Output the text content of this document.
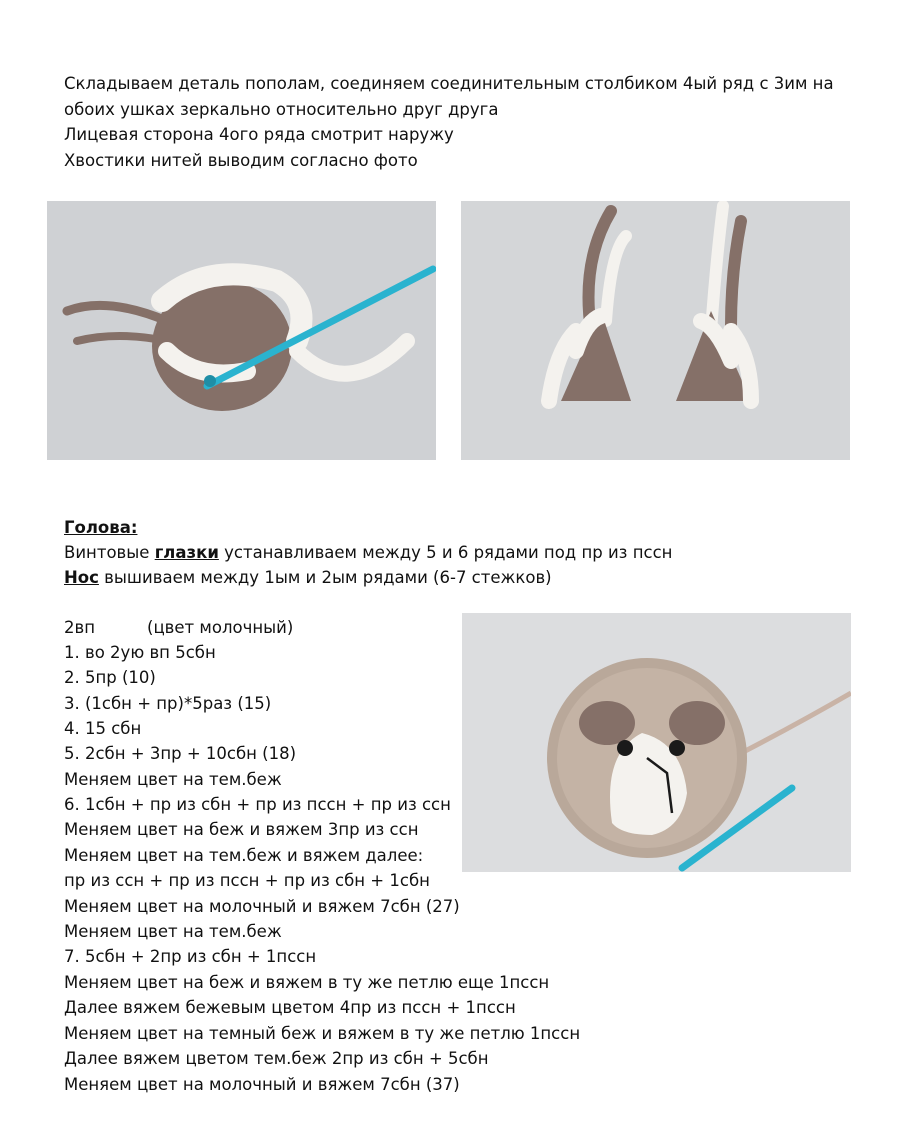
Складываем деталь пополам, соединяем соединительным столбиком 4ый ряд с 3им на
обоих ушках зеркально относительно друг друга
Лицевая сторона 4ого ряда смотрит наружу
Хвостики нитей выводим согласно фото
Голова:
Винтовые глазки устанавливаем между 5 и 6 рядами под пр из пссн
Нос вышиваем между 1ым и 2ым рядами (6-7 стежков)
2вп	(цвет молочный)
1. во 2ую вп 5сбн
2. 5пр (10)
3. (1сбн + пр)*5раз (15)
4. 15 сбн
5. 2сбн + 3пр + 10сбн (18)
Меняем цвет на тем.беж
6. 1сбн + пр из сбн + пр из пссн + пр из ссн
Меняем цвет на беж и вяжем 3пр из ссн
Меняем цвет на тем.беж и вяжем далее:
пр из ссн + пр из пссн + пр из сбн + 1сбн
Меняем цвет на молочный и вяжем 7сбн (27)
Меняем цвет на тем.беж
7. 5сбн + 2пр из сбн + 1пссн
Меняем цвет на беж и вяжем в ту же петлю еще 1пссн
Далее вяжем бежевым цветом 4пр из пссн + 1пссн
Меняем цвет на темный беж и вяжем в ту же петлю 1пссн
Далее вяжем цветом тем.беж 2пр из сбн + 5сбн
Меняем цвет на молочный и вяжем 7сбн (37)
